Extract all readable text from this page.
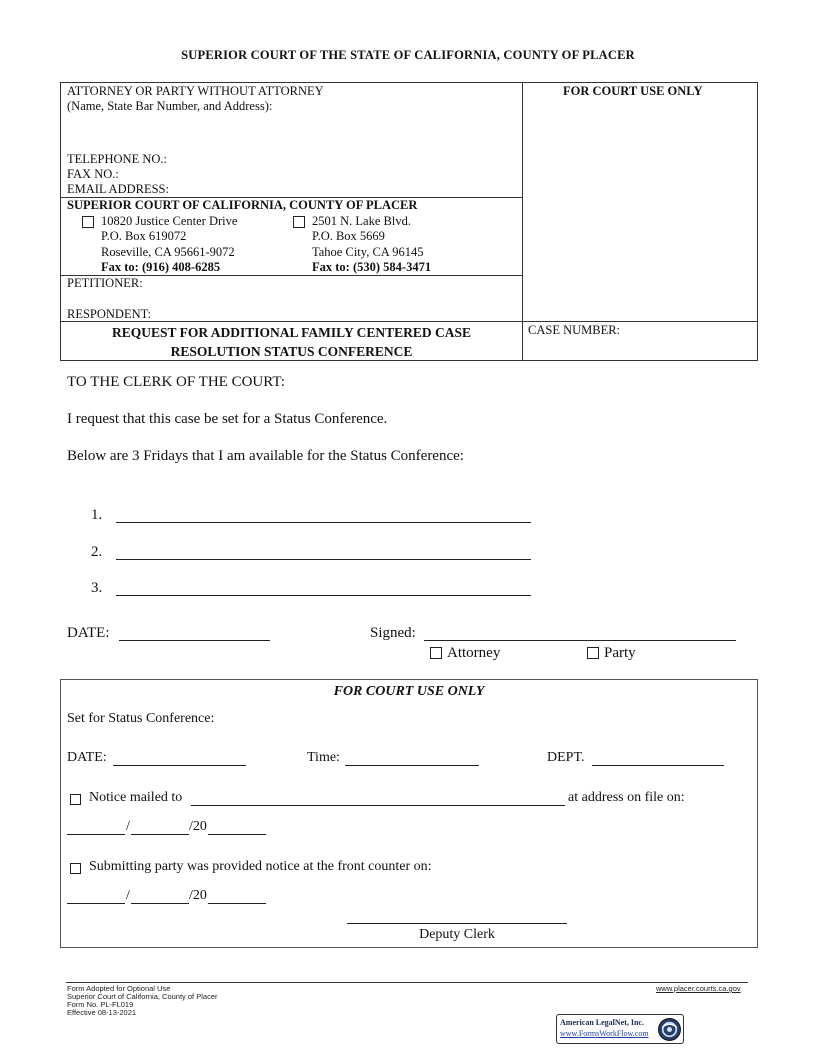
SUPERIOR COURT OF THE STATE OF CALIFORNIA, COUNTY OF PLACER
ATTORNEY OR PARTY WITHOUT ATTORNEY
(Name, State Bar Number, and Address):
FOR COURT USE ONLY
TELEPHONE NO.:
FAX NO.:
EMAIL ADDRESS:
SUPERIOR COURT OF CALIFORNIA, COUNTY OF PLACER
10820 Justice Center Drive
P.O. Box 619072
Roseville, CA 95661-9072
Fax to: (916) 408-6285
2501 N. Lake Blvd.
P.O. Box 5669
Tahoe City, CA 96145
Fax to: (530) 584-3471
PETITIONER:
RESPONDENT:
REQUEST FOR ADDITIONAL FAMILY CENTERED CASE
RESOLUTION STATUS CONFERENCE
CASE NUMBER:
TO THE CLERK OF THE COURT:
I request that this case be set for a Status Conference.
Below are 3 Fridays that I am available for the Status Conference:
1.
2.
3.
DATE:	Signed:
Attorney	Party
FOR COURT USE ONLY
Set for Status Conference:
DATE:	Time:	DEPT.
Notice mailed to	at address on file on:
/	/20
Submitting party was provided notice at the front counter on:
/	/20
Deputy Clerk
Form Adopted for Optional Use
Superior Court of California, County of Placer
Form No. PL-FL019
Effective 08-13-2021
www.placer.courts.ca.gov
American LegalNet, Inc.
www.FormsWorkFlow.com
